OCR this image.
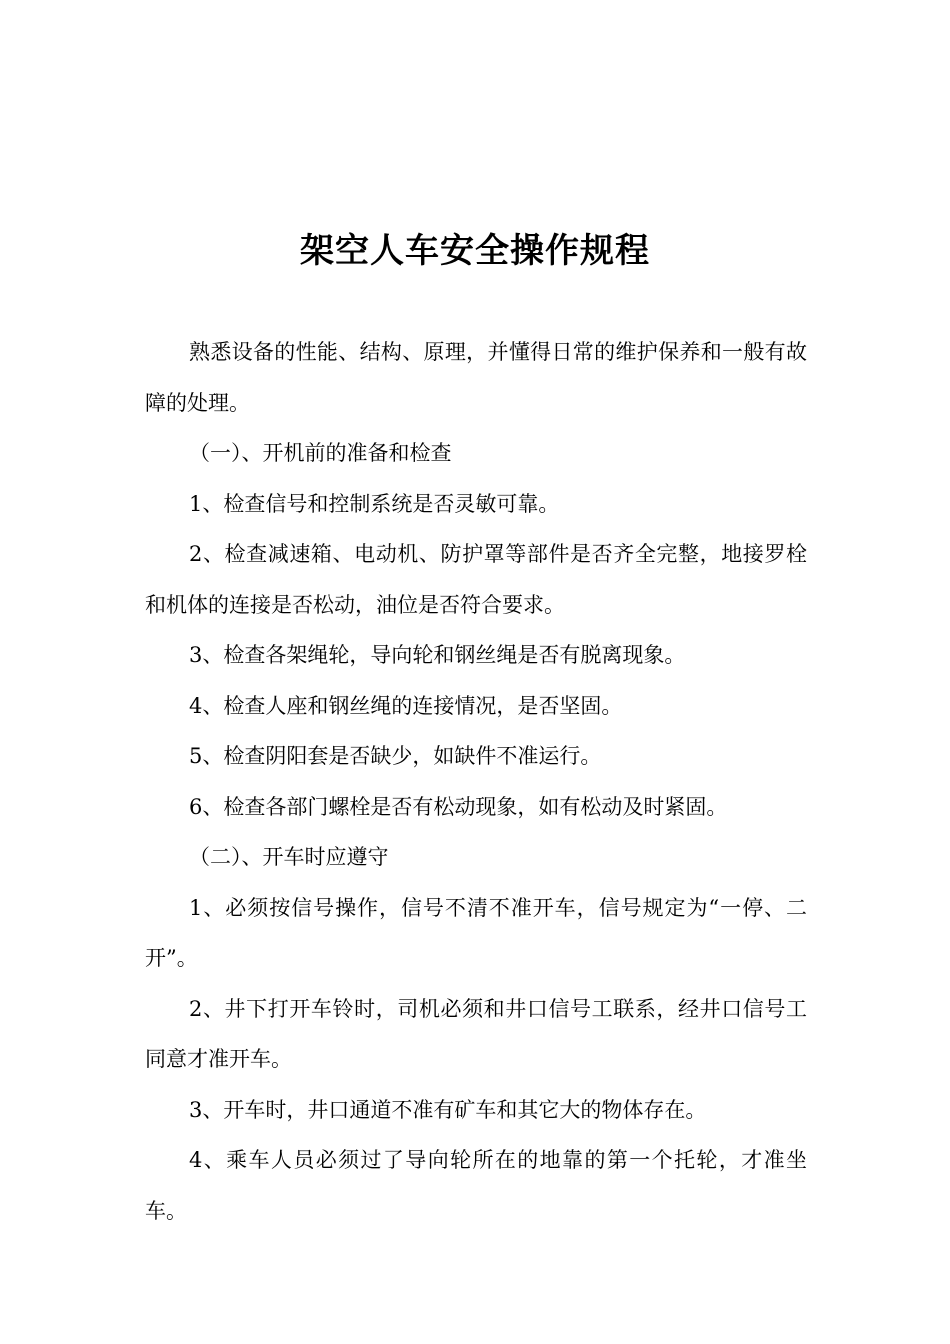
架空人车安全操作规程

熟悉设备的性能、结构、原理，并懂得日常的维护保养和一般有故障的处理。

（一）、开机前的准备和检查

1、检查信号和控制系统是否灵敏可靠。

2、检查减速箱、电动机、防护罩等部件是否齐全完整，地接罗栓和机体的连接是否松动，油位是否符合要求。

3、检查各架绳轮，导向轮和钢丝绳是否有脱离现象。

4、检查人座和钢丝绳的连接情况，是否坚固。

5、检查阴阳套是否缺少，如缺件不准运行。

6、检查各部门螺栓是否有松动现象，如有松动及时紧固。

（二）、开车时应遵守

1、必须按信号操作，信号不清不准开车，信号规定为“一停、二开”。

2、井下打开车铃时，司机必须和井口信号工联系，经井口信号工同意才准开车。

3、开车时，井口通道不准有矿车和其它大的物体存在。

4、乘车人员必须过了导向轮所在的地靠的第一个托轮，才准坐车。
